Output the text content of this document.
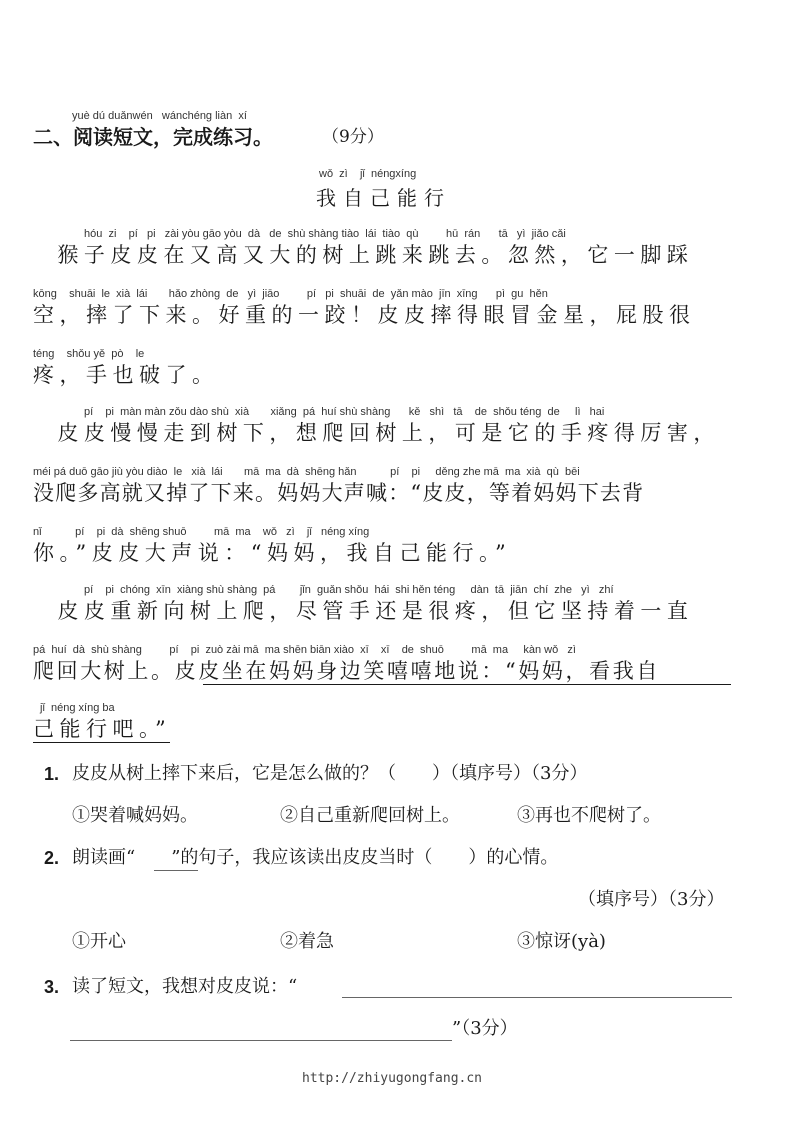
yuè dú duǎnwén   wánchéng liàn  xí
二、阅读短文，完成练习。	（9分）
wǒ  zì    jǐ  néngxíng
我自己能行
hóu  zi    pí   pi   zài yòu gāo yòu  dà   de  shù shàng tiào  lái  tiào  qù         hū  rán      tā   yì  jiǎo cǎi
猴子皮皮在又高又大的树上跳来跳去。忽然，它一脚踩
kōng    shuāi  le  xià  lái       hǎo zhòng  de   yì  jiāo         pí   pi  shuāi  de  yǎn mào  jīn  xīng      pì  gu  hěn
空，摔了下来。好重的一跤！皮皮摔得眼冒金星，屁股很
téng    shǒu yě  pò    le
疼，手也破了。
pí    pi  màn màn zǒu dào shù  xià       xiǎng  pá  huí shù shàng      kě   shì   tā    de  shǒu téng  de     lì   hai
皮皮慢慢走到树下，想爬回树上，可是它的手疼得厉害，
méi pá duō gāo jiù yòu diào  le   xià  lái       mā  ma  dà  shēng hǎn           pí    pi     děng zhe mā  ma  xià  qù  bēi
没爬多高就又掉了下来。妈妈大声喊：“皮皮，等着妈妈下去背
nǐ           pí    pi  dà  shēng shuō         mā  ma    wǒ   zì    jǐ   néng xíng
你。”皮皮大声说：“妈妈，我自己能行。”
pí    pi  chóng  xīn  xiàng shù shàng  pá        jǐn  guǎn shǒu  hái  shi hěn téng     dàn  tā  jiān  chí  zhe   yì   zhí
皮皮重新向树上爬，尽管手还是很疼，但它坚持着一直
pá  huí  dà  shù shàng         pí    pi  zuò zài mā  ma shēn biān xiào  xī    xī    de  shuō         mā  ma     kàn wǒ   zì
爬回大树上。皮皮坐在妈妈身边笑嘻嘻地说：“妈妈，看我自
jǐ  néng xíng ba
己能行吧。”
1. 皮皮从树上摔下来后，它是怎么做的？（　　）（填序号）（3分）
①哭着喊妈妈。	②自己重新爬回树上。	③再也不爬树了。
2. 朗读画“　　”的句子，我应该读出皮皮当时（　　）的心情。
（填序号）（3分）
①开心	②着急	③惊讶(yà)
3. 读了短文，我想对皮皮说：“
”（3分）
http://zhiyugongfang.cn
